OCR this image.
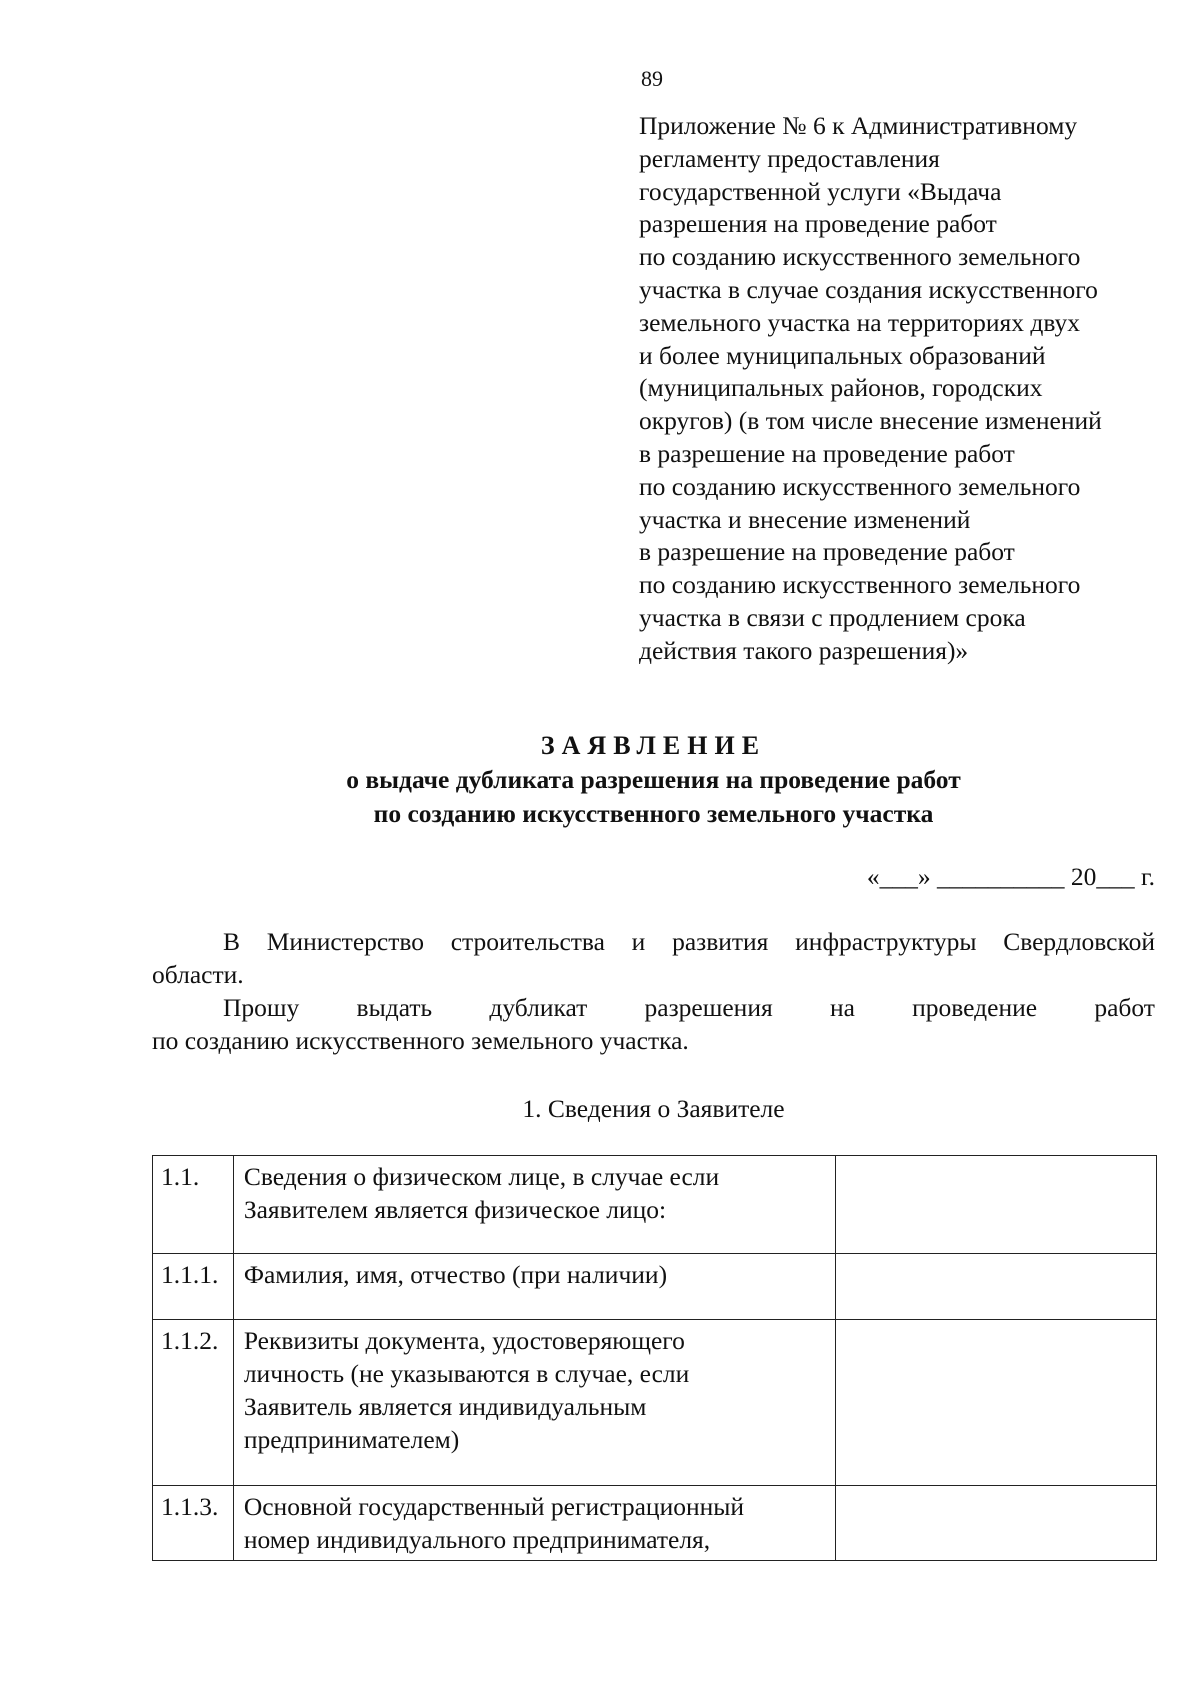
89
Приложение № 6 к Административному
регламенту предоставления
государственной услуги «Выдача
разрешения на проведение работ
по созданию искусственного земельного
участка в случае создания искусственного
земельного участка на территориях двух
и более муниципальных образований
(муниципальных районов, городских
округов) (в том числе внесение изменений
в разрешение на проведение работ
по созданию искусственного земельного
участка и внесение изменений
в разрешение на проведение работ
по созданию искусственного земельного
участка в связи с продлением срока
действия такого разрешения)»
ЗАЯВЛЕНИЕ
о выдаче дубликата разрешения на проведение работ
по созданию искусственного земельного участка
«___» __________ 20___ г.
В Министерство строительства и развития инфраструктуры Свердловской
области.
Прошу выдать дубликат разрешения на проведение работ
по созданию искусственного земельного участка.
1. Сведения о Заявителе
1.1.	Сведения о физическом лице, в случае если
Заявителем является физическое лицо:	

1.1.1.	Фамилия, имя, отчество (при наличии)	

1.1.2.	Реквизиты документа, удостоверяющего
личность (не указываются в случае, если
Заявитель является индивидуальным
предпринимателем)	

1.1.3.	Основной государственный регистрационный
номер индивидуального предпринимателя,	
